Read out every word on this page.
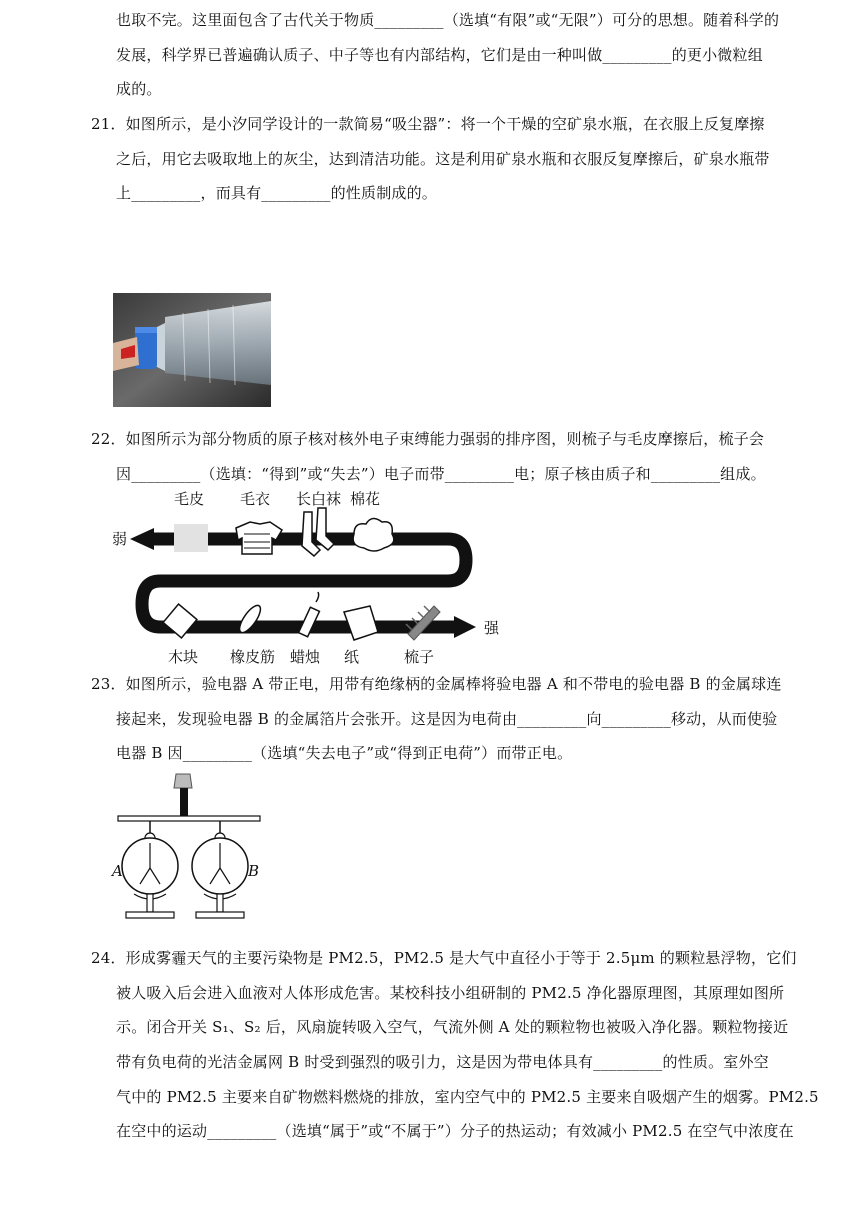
也取不完。这里面包含了古代关于物质_________（选填“有限”或“无限”）可分的思想。随着科学的
发展，科学界已普遍确认质子、中子等也有内部结构，它们是由一种叫做_________的更小微粒组
成的。
21．如图所示，是小汐同学设计的一款简易“吸尘器”：将一个干燥的空矿泉水瓶，在衣服上反复摩擦
之后，用它去吸取地上的灰尘，达到清洁功能。这是利用矿泉水瓶和衣服反复摩擦后，矿泉水瓶带
上_________，而具有_________的性质制成的。
22．如图所示为部分物质的原子核对核外电子束缚能力强弱的排序图，则梳子与毛皮摩擦后，梳子会
因_________（选填：“得到”或“失去”）电子而带_________电；原子核由质子和_________组成。
弱
强
毛皮 毛衣 长白袜 棉花
木块 橡皮筋 蜡烛 纸	梳子
23．如图所示，验电器 A 带正电，用带有绝缘柄的金属棒将验电器 A 和不带电的验电器 B 的金属球连
接起来，发现验电器 B 的金属箔片会张开。这是因为电荷由_________向_________移动，从而使验
电器 B 因_________（选填“失去电子”或“得到正电荷”）而带正电。
A	B
24．形成雾霾天气的主要污染物是 PM2.5，PM2.5 是大气中直径小于等于 2.5μm 的颗粒悬浮物，它们
被人吸入后会进入血液对人体形成危害。某校科技小组研制的 PM2.5 净化器原理图，其原理如图所
示。闭合开关 S₁、S₂ 后，风扇旋转吸入空气，气流外侧 A 处的颗粒物也被吸入净化器。颗粒物接近
带有负电荷的光洁金属网 B 时受到强烈的吸引力，这是因为带电体具有_________的性质。室外空
气中的 PM2.5 主要来自矿物燃料燃烧的排放，室内空气中的 PM2.5 主要来自吸烟产生的烟雾。PM2.5
在空中的运动_________（选填“属于”或“不属于”）分子的热运动；有效减小 PM2.5 在空气中浓度在
